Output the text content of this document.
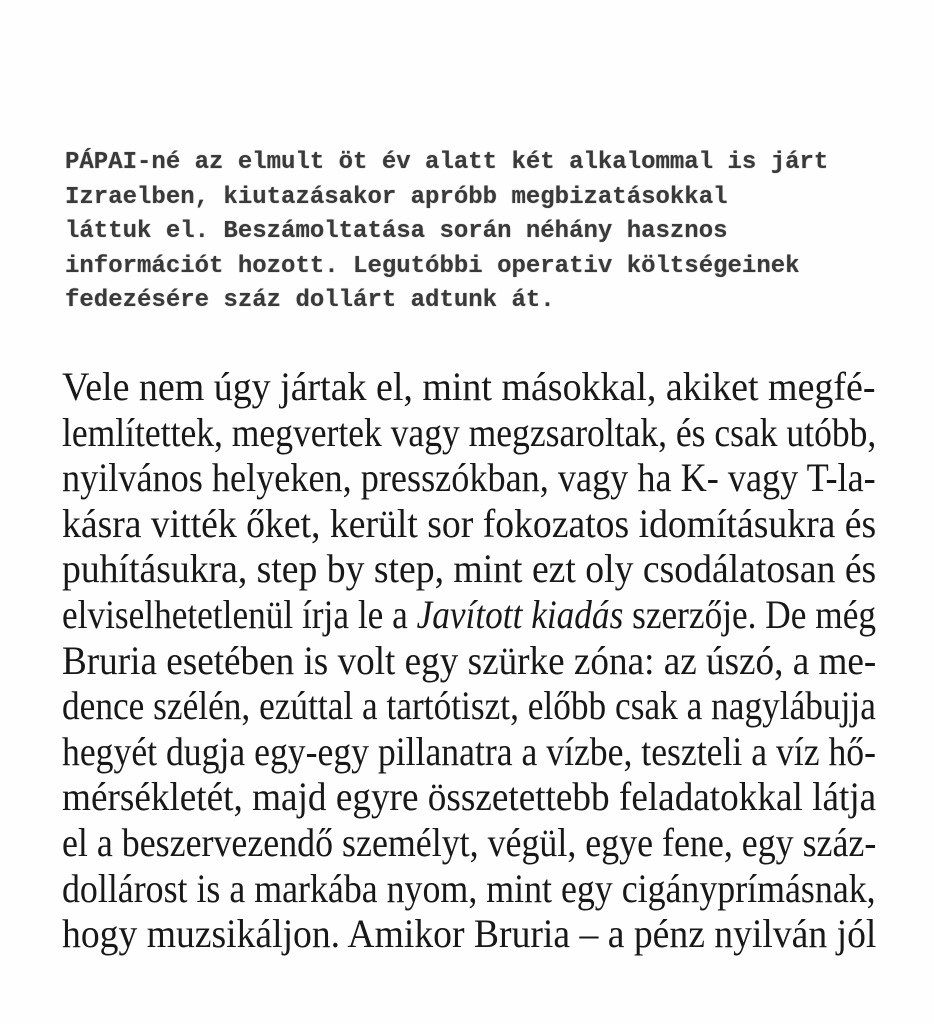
PÁPAI-né az elmult öt év alatt két alkalommal is járt
Izraelben, kiutazásakor apróbb megbizatásokkal
láttuk el. Beszámoltatása során néhány hasznos
információt hozott. Legutóbbi operativ költségeinek
fedezésére száz dollárt adtunk át.
Vele nem úgy jártak el, mint másokkal, akiket megfé-
lemlítettek, megvertek vagy megzsaroltak, és csak utóbb,
nyilvános helyeken, presszókban, vagy ha K- vagy T-la-
kásra vitték őket, került sor fokozatos idomításukra és
puhításukra, step by step, mint ezt oly csodálatosan és
elviselhetetlenül írja le a Javított kiadás szerzője. De még
Bruria esetében is volt egy szürke zóna: az úszó, a me-
dence szélén, ezúttal a tartótiszt, előbb csak a nagylábujja
hegyét dugja egy-egy pillanatra a vízbe, teszteli a víz hő-
mérsékletét, majd egyre összetettebb feladatokkal látja
el a beszervezendő személyt, végül, egye fene, egy száz-
dollárost is a markába nyom, mint egy cigányprímásnak,
hogy muzsikáljon. Amikor Bruria – a pénz nyilván jól
